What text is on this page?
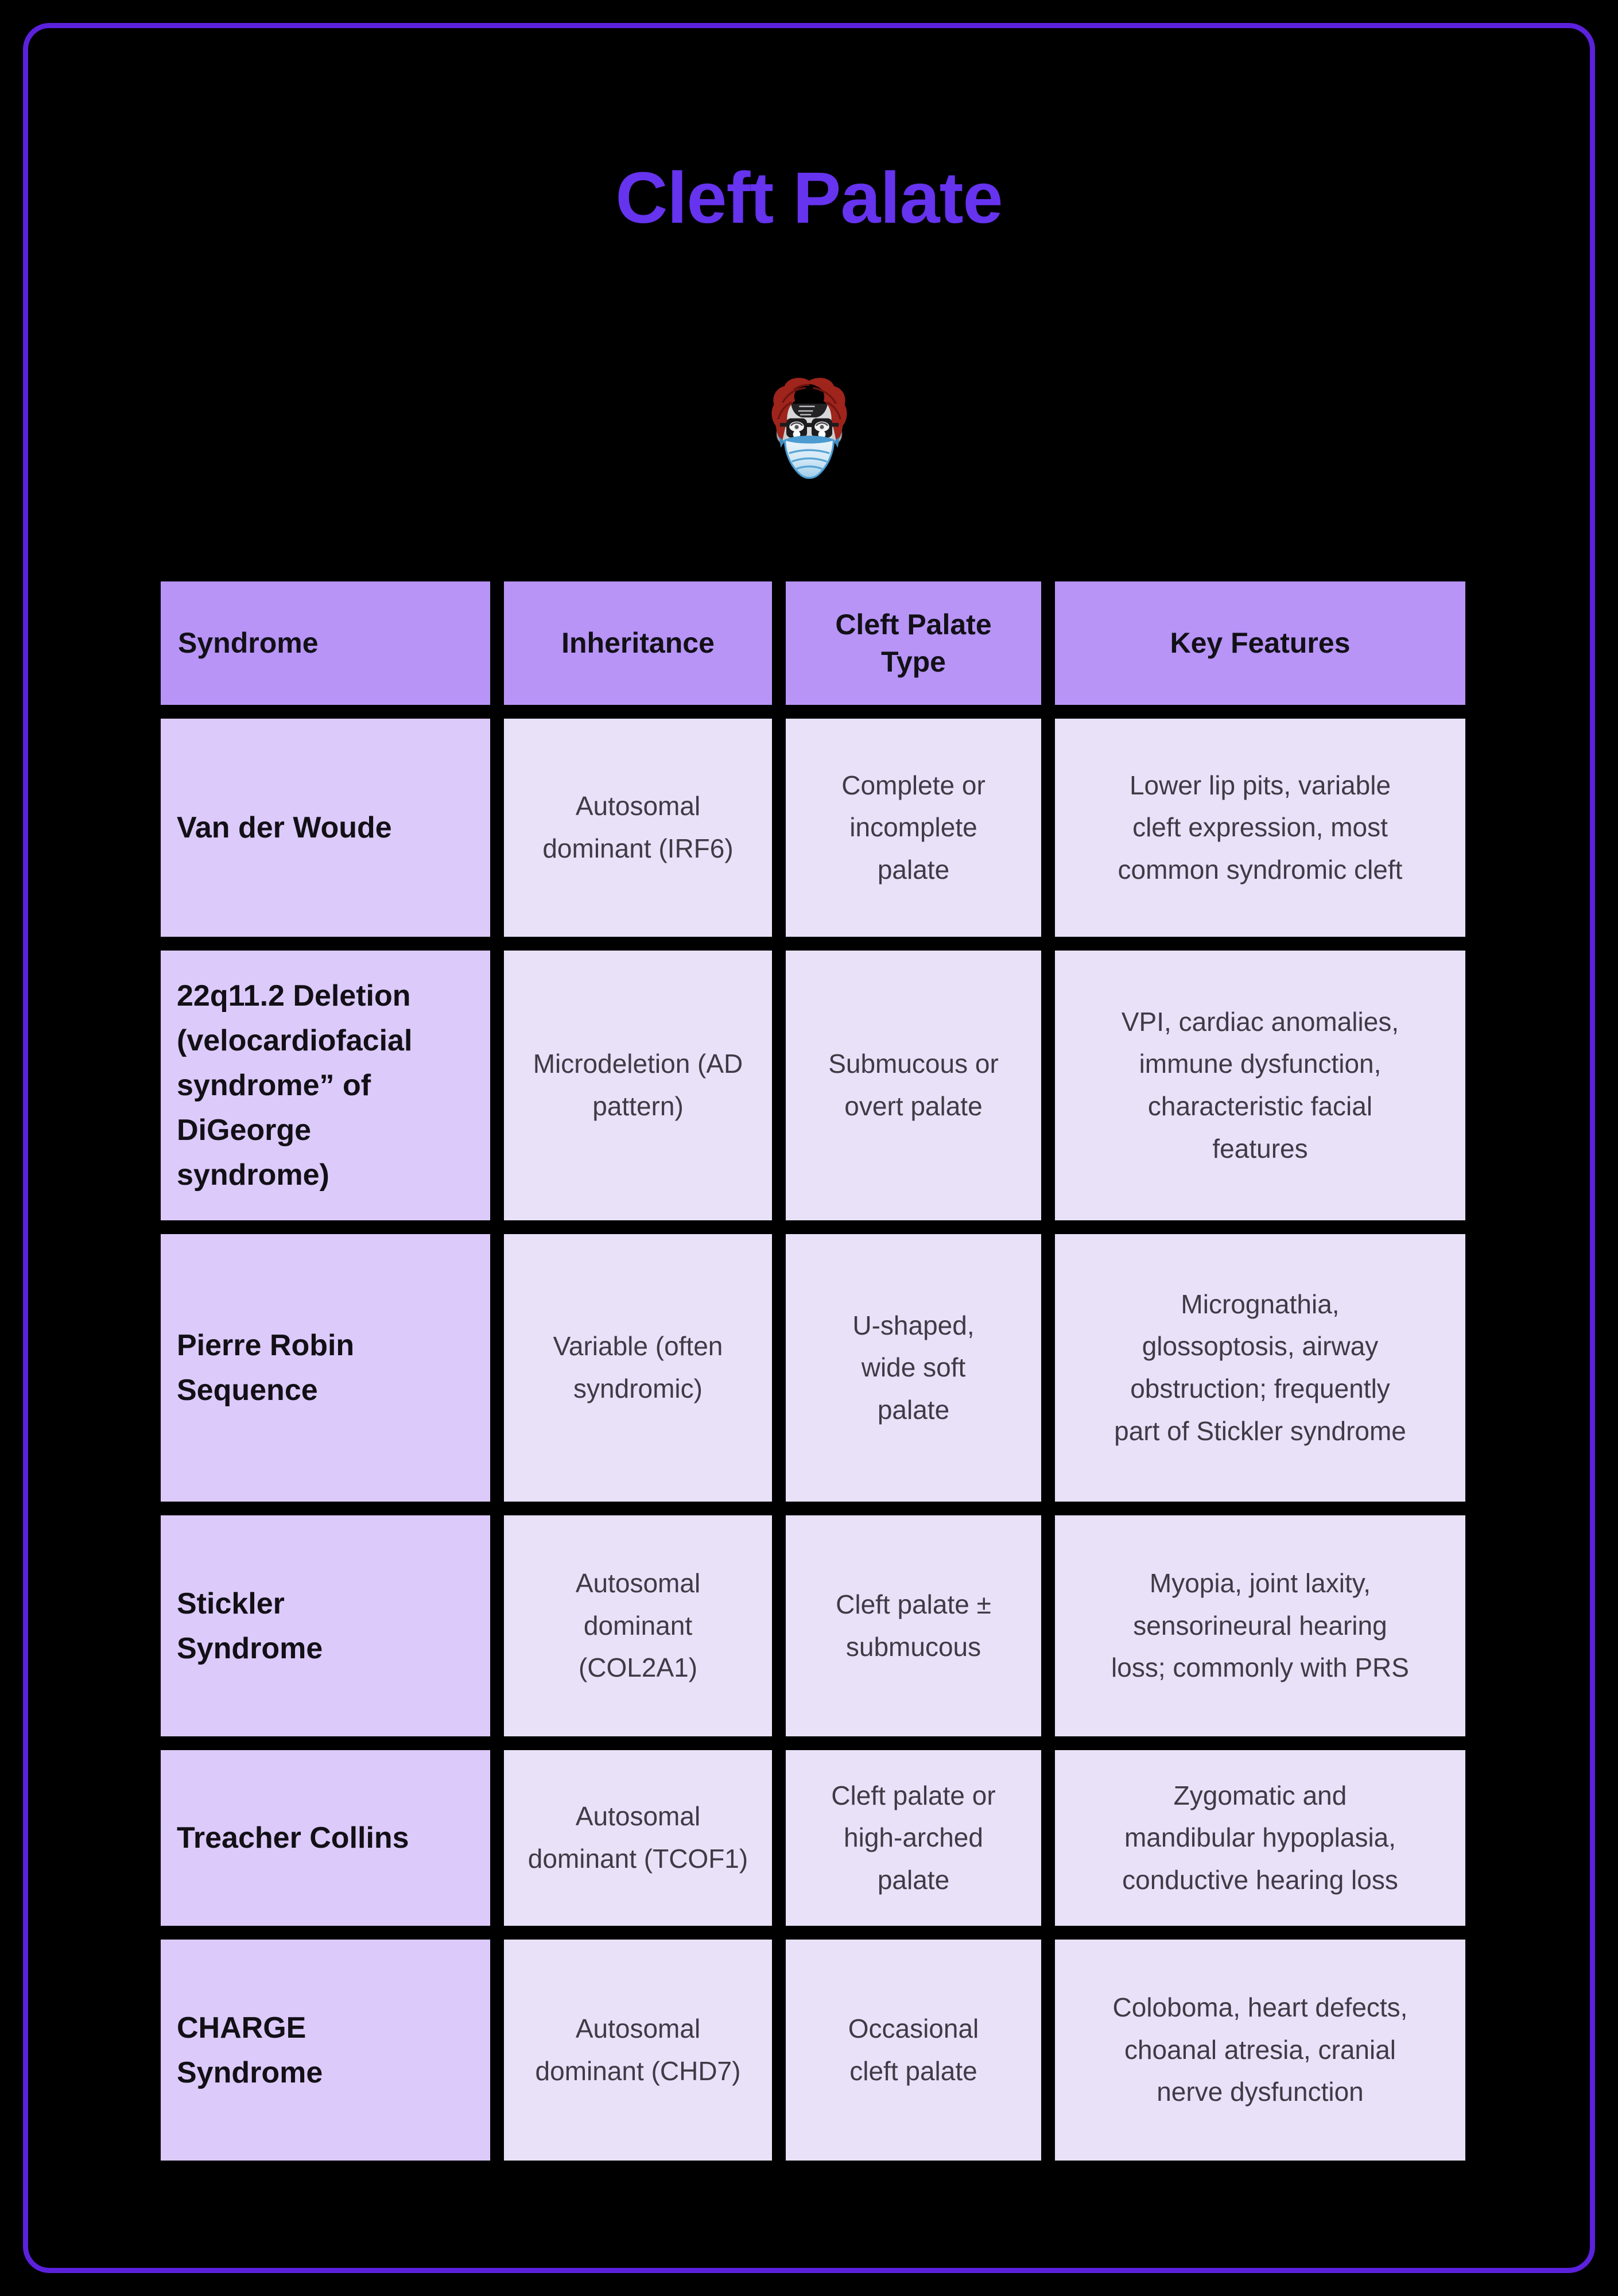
Cleft Palate
Syndrome	Inheritance
Cleft Palate Type
Key Features
Van der Woude
Autosomal dominant (IRF6)
Complete or incomplete palate
Lower lip pits, variable cleft expression, most common syndromic cleft
22q11.2 Deletion (velocardiofacial syndrome” of DiGeorge syndrome)
Microdeletion (AD pattern)
Submucous or overt palate
VPI, cardiac anomalies, immune dysfunction, characteristic facial features
Pierre Robin Sequence
Variable (often syndromic)
U-shaped, wide soft palate
Micrognathia, glossoptosis, airway obstruction; frequently part of Stickler syndrome
Stickler Syndrome
Autosomal dominant (COL2A1)
Cleft palate ± submucous
Myopia, joint laxity, sensorineural hearing loss; commonly with PRS
Treacher Collins
Autosomal dominant (TCOF1)
Cleft palate or high-arched palate
Zygomatic and mandibular hypoplasia, conductive hearing loss
CHARGE Syndrome
Autosomal dominant (CHD7)
Occasional cleft palate
Coloboma, heart defects, choanal atresia, cranial nerve dysfunction
